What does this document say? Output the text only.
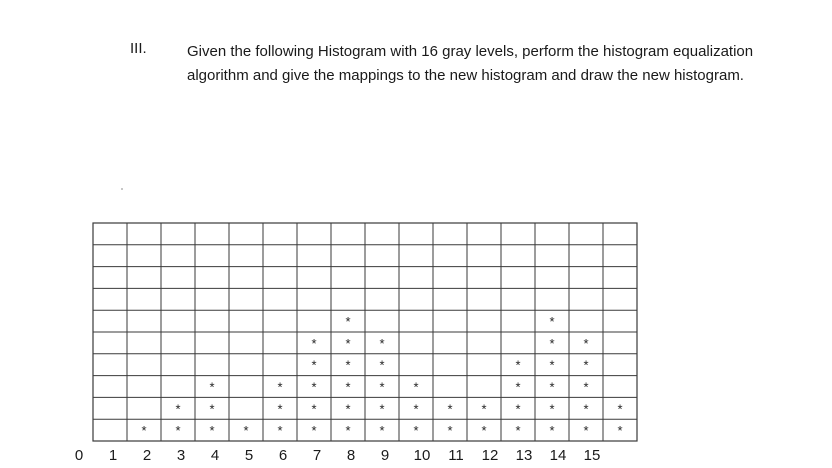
III.	Given the following Histogram with 16 gray levels, perform the histogram equalization algorithm and give the mappings to the new histogram and draw the new histogram.
* *
*
*
*
*
* *
*
*
*
*
*
*
*
*
*
*
*
*
*
*
*
*
*
*
*
*
*
*
*
*
*
*
*
*
*
*
*
*
*
*
*
*
*
*
*
*
*
*
0 1 2 3 4 5 6 7 8 9 10 11 12 13 14 15
